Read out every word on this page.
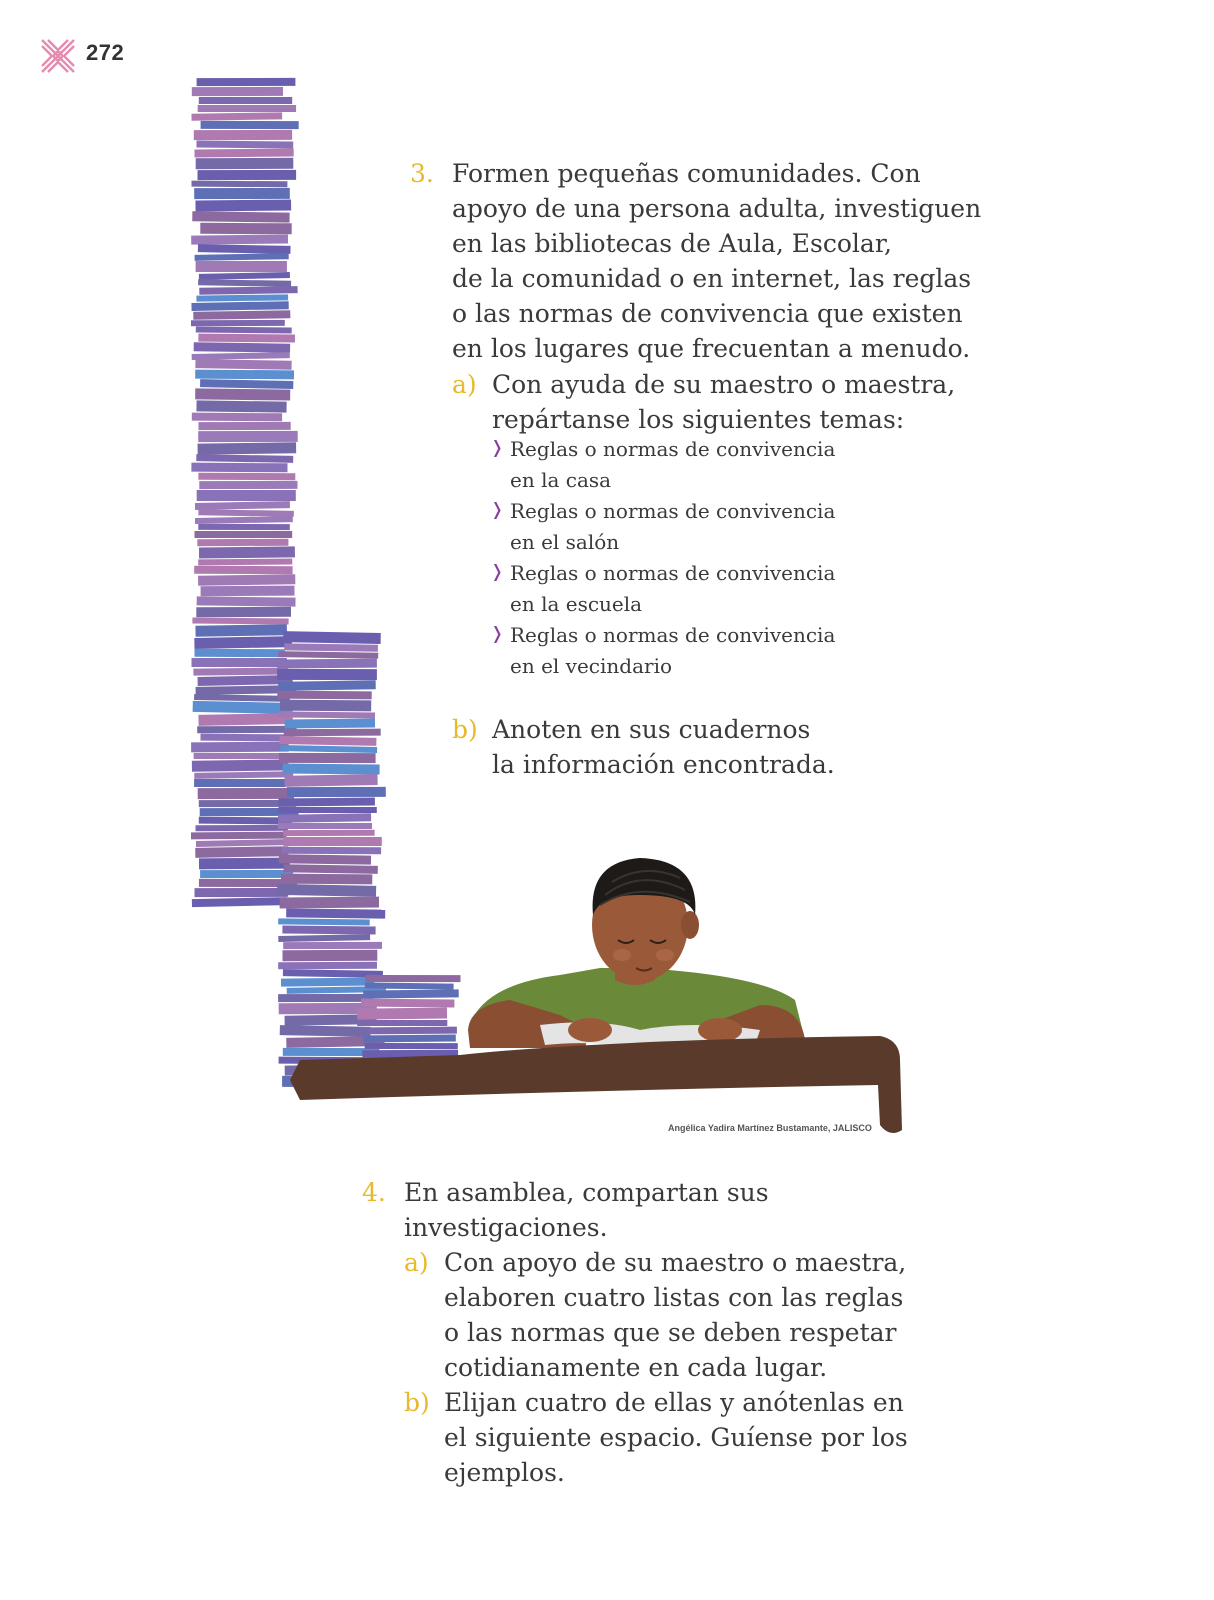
272
Angélica Yadira Martínez Bustamante, JALISCO
3. Formen pequeñas comunidades. Con
apoyo de una persona adulta, investiguen
en las bibliotecas de Aula, Escolar,
de la comunidad o en internet, las reglas
o las normas de convivencia que existen
en los lugares que frecuentan a menudo.
a) Con ayuda de su maestro o maestra,
repártanse los siguientes temas:
❭ Reglas o normas de convivencia
en la casa
❭ Reglas o normas de convivencia
en el salón
❭ Reglas o normas de convivencia
en la escuela
❭ Reglas o normas de convivencia
en el vecindario
b) Anoten en sus cuadernos
la información encontrada.
4. En asamblea, compartan sus
investigaciones.
a) Con apoyo de su maestro o maestra,
elaboren cuatro listas con las reglas
o las normas que se deben respetar
cotidianamente en cada lugar.
b) Elijan cuatro de ellas y anótenlas en
el siguiente espacio. Guíense por los
ejemplos.
